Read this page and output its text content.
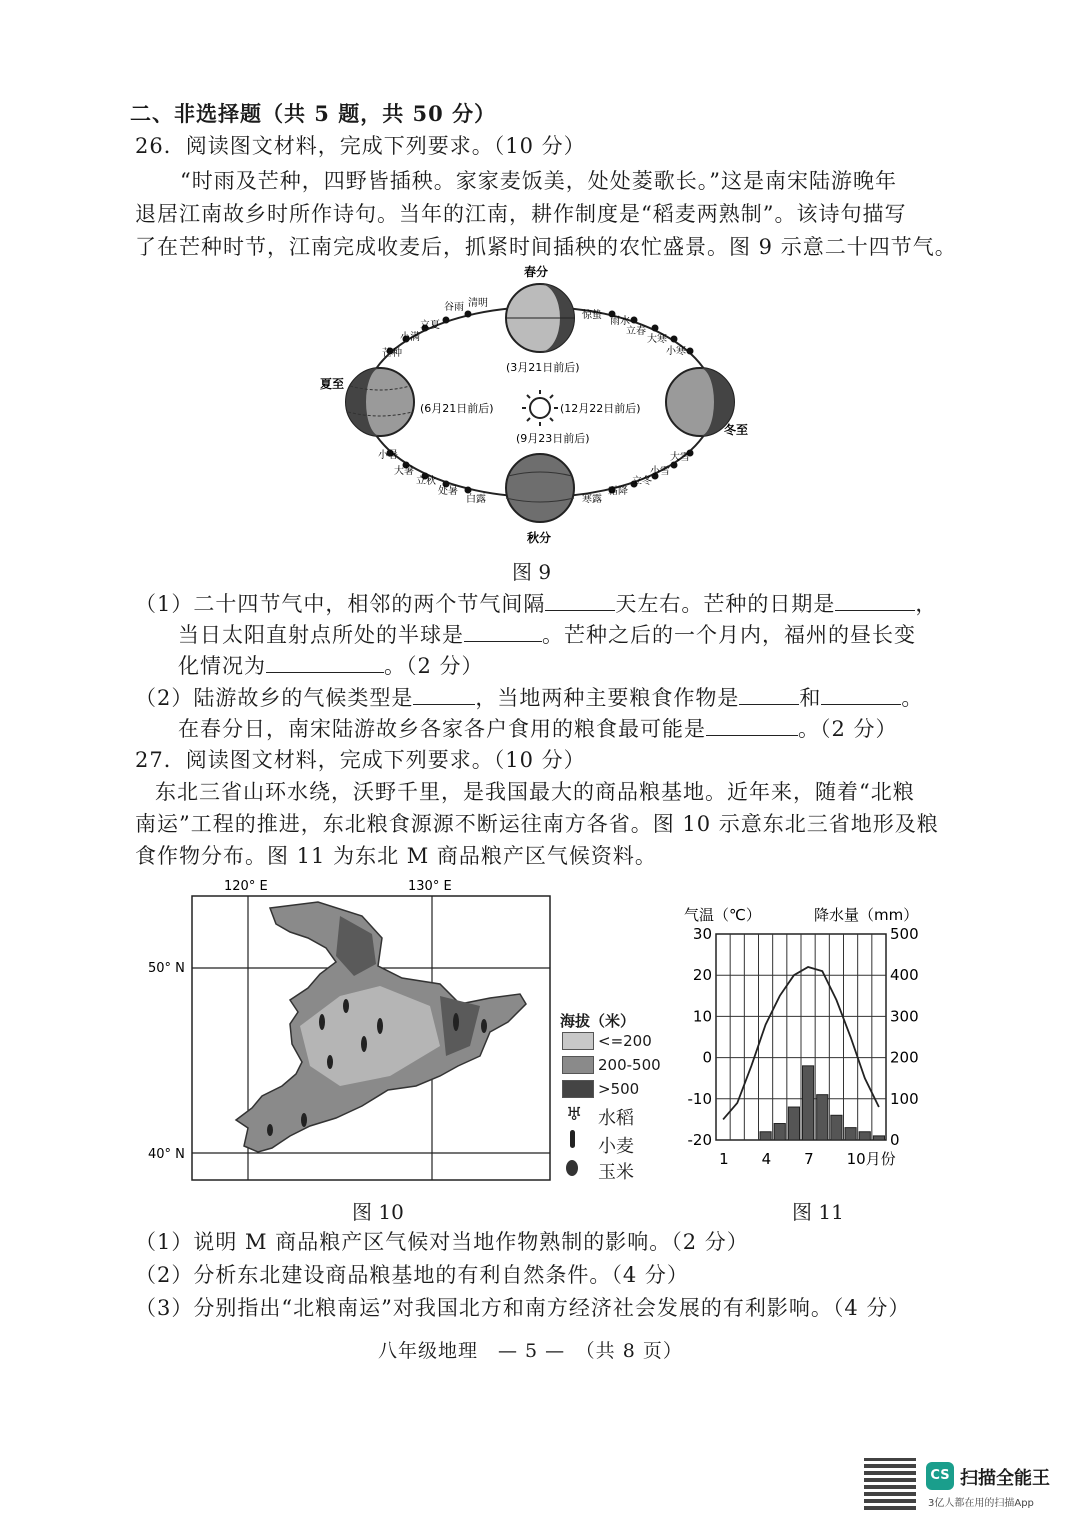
二、非选择题（共 5 题，共 50 分）
26．阅读图文材料，完成下列要求。（10 分）
“时雨及芒种，四野皆插秧。家家麦饭美，处处菱歌长。”这是南宋陆游晚年
退居江南故乡时所作诗句。当年的江南，耕作制度是“稻麦两熟制”。该诗句描写
了在芒种时节，江南完成收麦后，抓紧时间插秧的农忙盛景。图 9 示意二十四节气。
春分
夏至
冬至
秋分
(3月21日前后)
(6月21日前后)	(12月22日前后)
(9月23日前后)
谷雨 清明
立夏
小满
芒种
惊蛰
雨水
立春
大寒
小寒
小暑
大暑
立秋
处暑
白露	寒露
霜降
立冬
小雪
大雪
图 9
（1）二十四节气中，相邻的两个节气间隔	天左右。芒种的日期是	，
当日太阳直射点所处的半球是	。芒种之后的一个月内，福州的昼长变
化情况为	。（2 分）
（2）陆游故乡的气候类型是	，当地两种主要粮食作物是	和	。
在春分日，南宋陆游故乡各家各户食用的粮食最可能是	。（2 分）
27．阅读图文材料，完成下列要求。（10 分）
东北三省山环水绕，沃野千里，是我国最大的商品粮基地。近年来，随着“北粮
南运”工程的推进，东北粮食源源不断运往南方各省。图 10 示意东北三省地形及粮
食作物分布。图 11 为东北 M 商品粮产区气候资料。
120° E	130° E
50° N
40° N
海拔（米）
<=200
200-500
>500
♅ 水稻
小麦
玉米
图 10
气温（℃）	降水量（mm）
30
20
10
0
-10
-20
500
400
300
200
100
0
1 4 7 10月份
图 11
（1）说明 M 商品粮产区气候对当地作物熟制的影响。（2 分）
（2）分析东北建设商品粮基地的有利自然条件。（4 分）
（3）分别指出“北粮南运”对我国北方和南方经济社会发展的有利影响。（4 分）
八年级地理　— 5 —　（共 8 页）
CS 扫描全能王
3亿人都在用的扫描App
